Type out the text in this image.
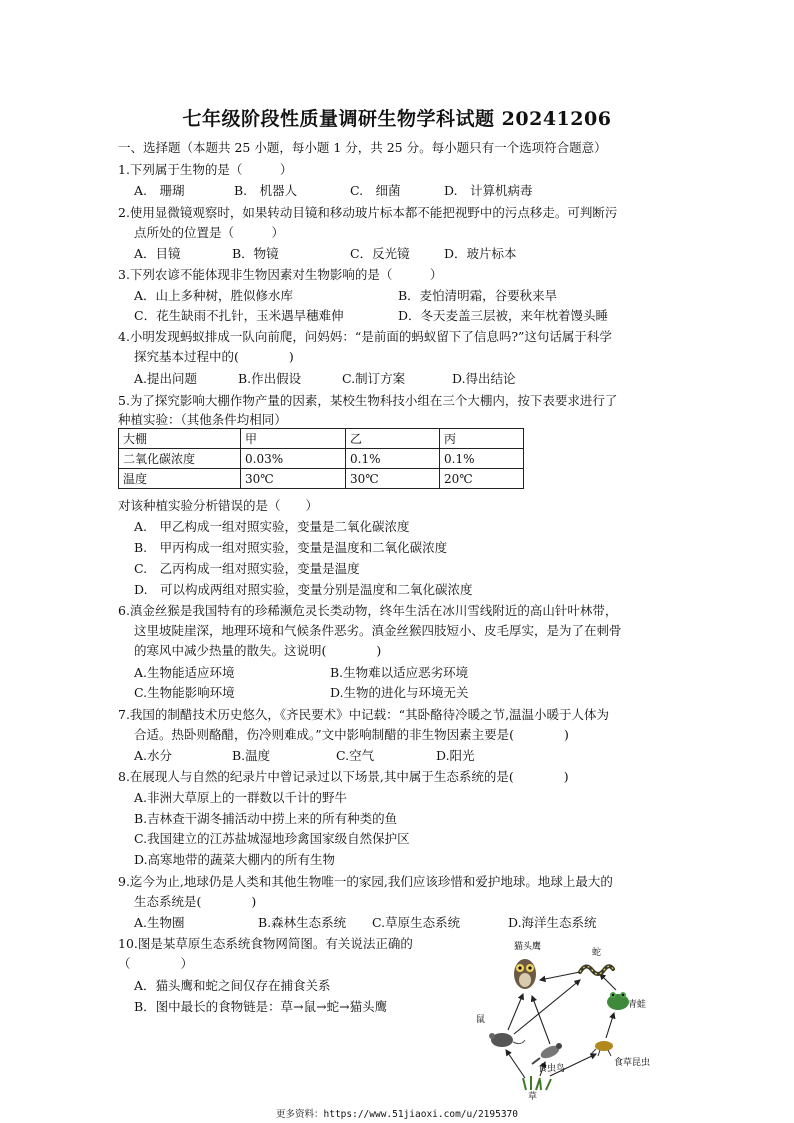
七年级阶段性质量调研生物学科试题 20241206
一、选择题（本题共 25 小题，每小题 1 分，共 25 分。每小题只有一个选项符合题意）
1.下列属于生物的是（　　　）
A.　珊瑚	B.　机器人	C.　细菌	D.　计算机病毒
2.使用显微镜观察时，如果转动目镜和移动玻片标本都不能把视野中的污点移走。可判断污
点所处的位置是（　　　）
A．目镜	B．物镜	C．反光镜	D．玻片标本
3.下列农谚不能体现非生物因素对生物影响的是（　　　）
A．山上多种树，胜似修水库	B．麦怕清明霜，谷要秋来旱
C．花生缺雨不扎针，玉米遇旱穗难伸	D．冬天麦盖三层被，来年枕着馒头睡
4.小明发现蚂蚁排成一队向前爬，问妈妈：“是前面的蚂蚁留下了信息吗?”这句话属于科学
探究基本过程中的(　　　　)
A.提出问题	B.作出假设	C.制订方案	D.得出结论
5.为了探究影响大棚作物产量的因素，某校生物科技小组在三个大棚内，按下表要求进行了
种植实验：（其他条件均相同）
大棚	甲	乙	丙
二氧化碳浓度	0.03%	0.1%	0.1%
温度	30℃	30℃	20℃
对该种植实验分析错误的是（　　）
A.　甲乙构成一组对照实验，变量是二氧化碳浓度
B.　甲丙构成一组对照实验，变量是温度和二氧化碳浓度
C.　乙丙构成一组对照实验，变量是温度
D.　可以构成两组对照实验，变量分别是温度和二氧化碳浓度
6.滇金丝猴是我国特有的珍稀濒危灵长类动物，终年生活在冰川雪线附近的高山针叶林带，
这里坡陡崖深，地理环境和气候条件恶劣。滇金丝猴四肢短小、皮毛厚实，是为了在刺骨
的寒风中减少热量的散失。这说明(　　　　)
A.生物能适应环境	B.生物难以适应恶劣环境
C.生物能影响环境	D.生物的进化与环境无关
7.我国的制醋技术历史悠久，《齐民要术》中记载：“其卧酪待冷暖之节,温温小暖于人体为
合适。热卧则酪醋，伤冷则难成。”文中影响制醋的非生物因素主要是(　　　　)
A.水分	B.温度	C.空气	D.阳光
8.在展现人与自然的纪录片中曾记录过以下场景,其中属于生态系统的是(　　　　)
A.非洲大草原上的一群数以千计的野牛
B.吉林查干湖冬捕活动中捞上来的所有种类的鱼
C.我国建立的江苏盐城湿地珍禽国家级自然保护区
D.高寒地带的蔬菜大棚内的所有生物
9.迄今为止,地球仍是人类和其他生物唯一的家园,我们应该珍惜和爱护地球。地球上最大的
生态系统是(　　　　)
A.生物圈	B.森林生态系统 C.草原生态系统	D.海洋生态系统
10.图是某草原生态系统食物网简图。有关说法正确的
（　　　　）
A．猫头鹰和蛇之间仅存在捕食关系
B．图中最长的食物链是：草→鼠→蛇→猫头鹰
猫头鹰
蛇
青蛙
鼠
食虫鸟
食草昆虫
草
更多资料：https://www.51jiaoxi.com/u/2195370
